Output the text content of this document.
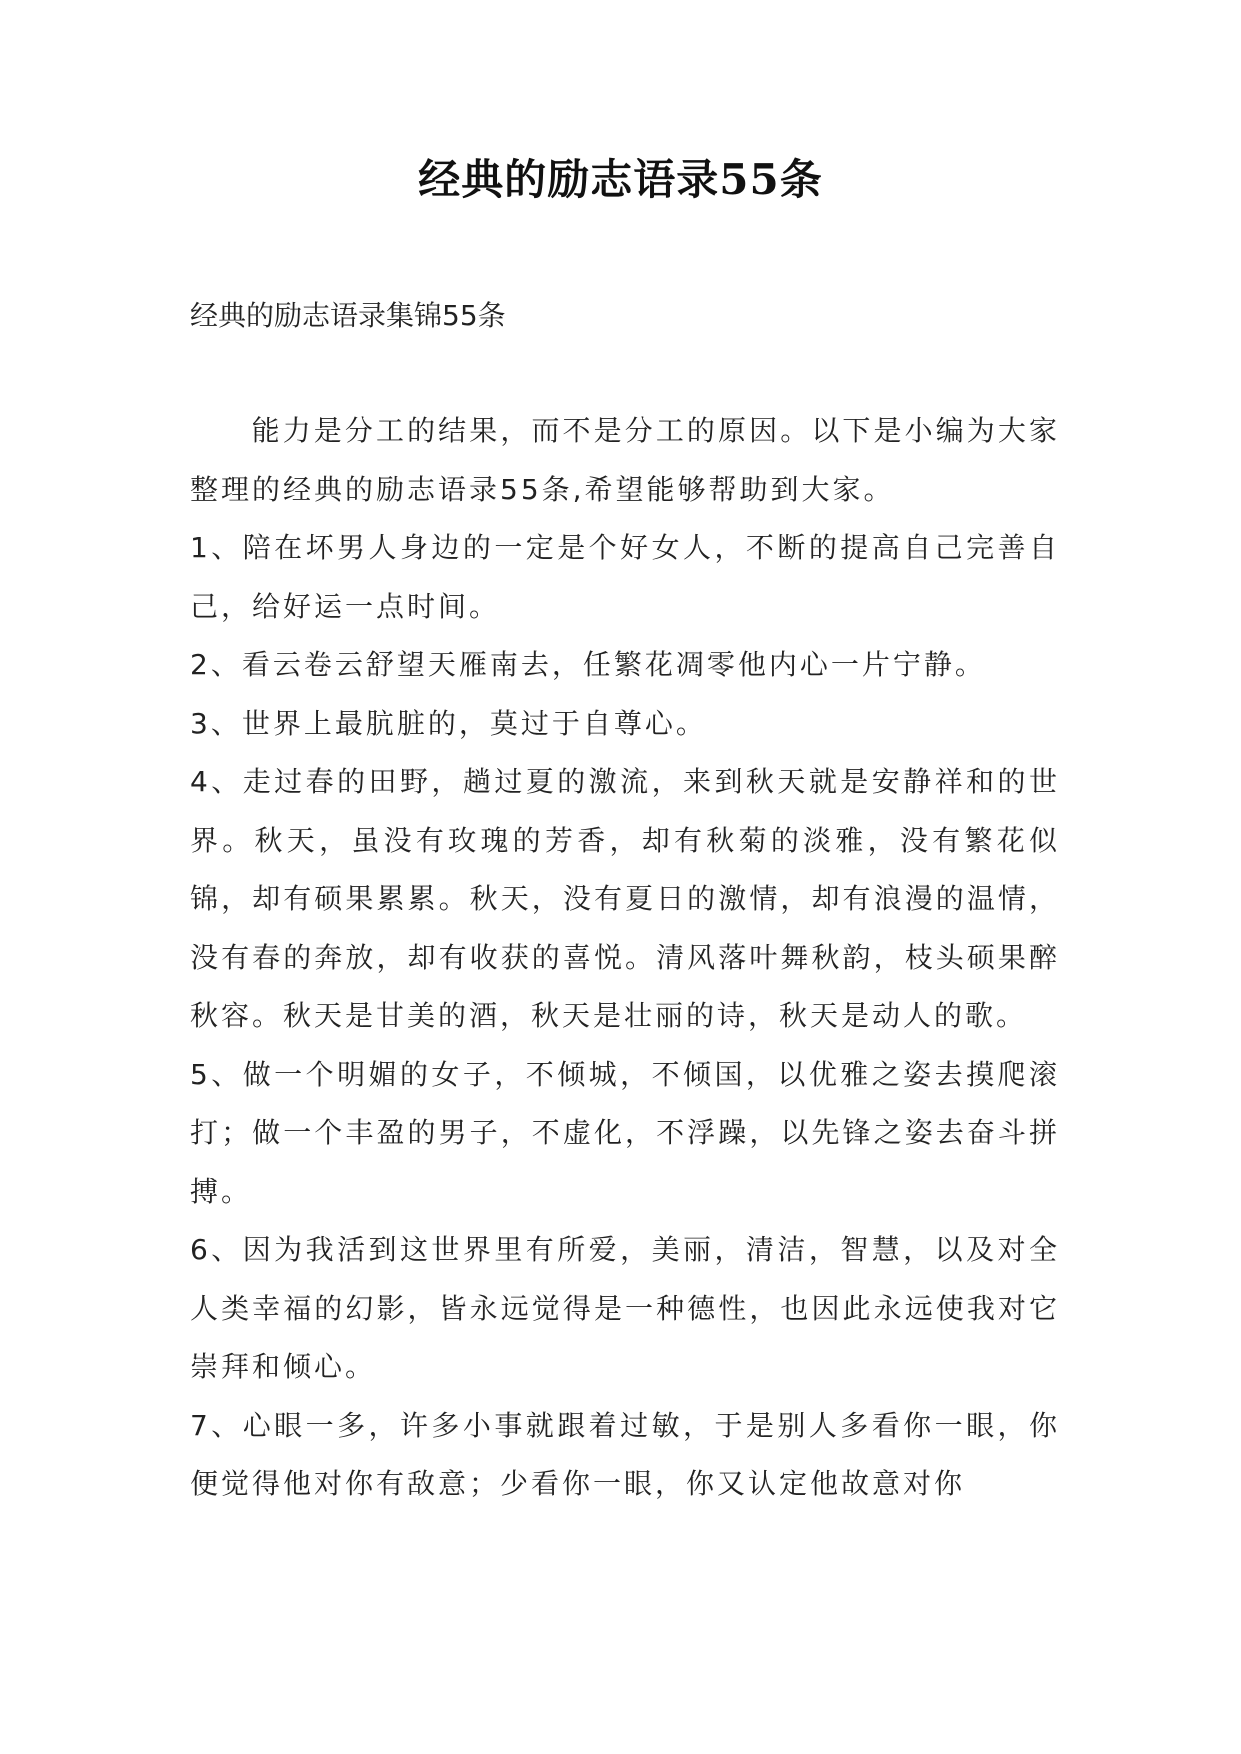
经典的励志语录55条
经典的励志语录集锦55条

能力是分工的结果，而不是分工的原因。以下是小编为大家整理的经典的励志语录55条,希望能够帮助到大家。

1、陪在坏男人身边的一定是个好女人，不断的提高自己完善自己，给好运一点时间。

2、看云卷云舒望天雁南去，任繁花凋零他内心一片宁静。

3、世界上最肮脏的，莫过于自尊心。

4、走过春的田野，趟过夏的激流，来到秋天就是安静祥和的世界。秋天，虽没有玫瑰的芳香，却有秋菊的淡雅，没有繁花似锦，却有硕果累累。秋天，没有夏日的激情，却有浪漫的温情，没有春的奔放，却有收获的喜悦。清风落叶舞秋韵，枝头硕果醉秋容。秋天是甘美的酒，秋天是壮丽的诗，秋天是动人的歌。

5、做一个明媚的女子，不倾城，不倾国，以优雅之姿去摸爬滚打；做一个丰盈的男子，不虚化，不浮躁，以先锋之姿去奋斗拼搏。

6、因为我活到这世界里有所爱，美丽，清洁，智慧，以及对全人类幸福的幻影，皆永远觉得是一种德性，也因此永远使我对它崇拜和倾心。

7、心眼一多，许多小事就跟着过敏，于是别人多看你一眼，你便觉得他对你有敌意；少看你一眼，你又认定他故意对你
